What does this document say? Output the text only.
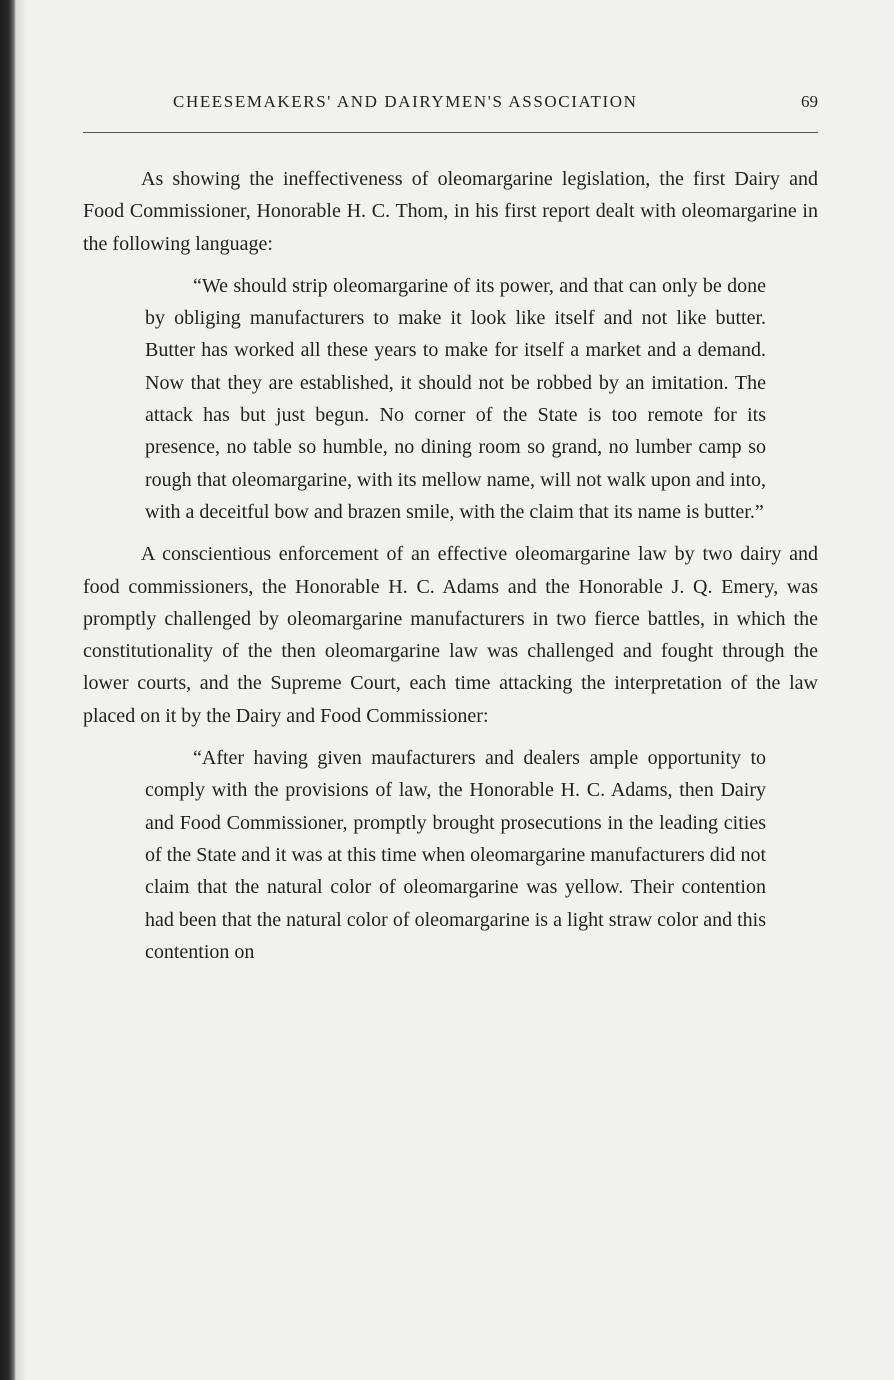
CHEESEMAKERS' AND DAIRYMEN'S ASSOCIATION	69

As showing the ineffectiveness of oleomargarine legislation, the first Dairy and Food Commissioner, Honorable H. C. Thom, in his first report dealt with oleomargarine in the following language:

“We should strip oleomargarine of its power, and that can only be done by obliging manufacturers to make it look like itself and not like butter. Butter has worked all these years to make for itself a market and a demand. Now that they are established, it should not be robbed by an imitation. The attack has but just begun. No corner of the State is too remote for its presence, no table so humble, no dining room so grand, no lumber camp so rough that oleomargarine, with its mellow name, will not walk upon and into, with a deceitful bow and brazen smile, with the claim that its name is butter.”

A conscientious enforcement of an effective oleomargarine law by two dairy and food commissioners, the Honorable H. C. Adams and the Honorable J. Q. Emery, was promptly challenged by oleomargarine manufacturers in two fierce battles, in which the constitutionality of the then oleomargarine law was challenged and fought through the lower courts, and the Supreme Court, each time attacking the interpretation of the law placed on it by the Dairy and Food Commissioner:

“After having given maufacturers and dealers ample opportunity to comply with the provisions of law, the Honorable H. C. Adams, then Dairy and Food Commissioner, promptly brought prosecutions in the leading cities of the State and it was at this time when oleomargarine manufacturers did not claim that the natural color of oleomargarine was yellow. Their contention had been that the natural color of oleomargarine is a light straw color and this contention on
